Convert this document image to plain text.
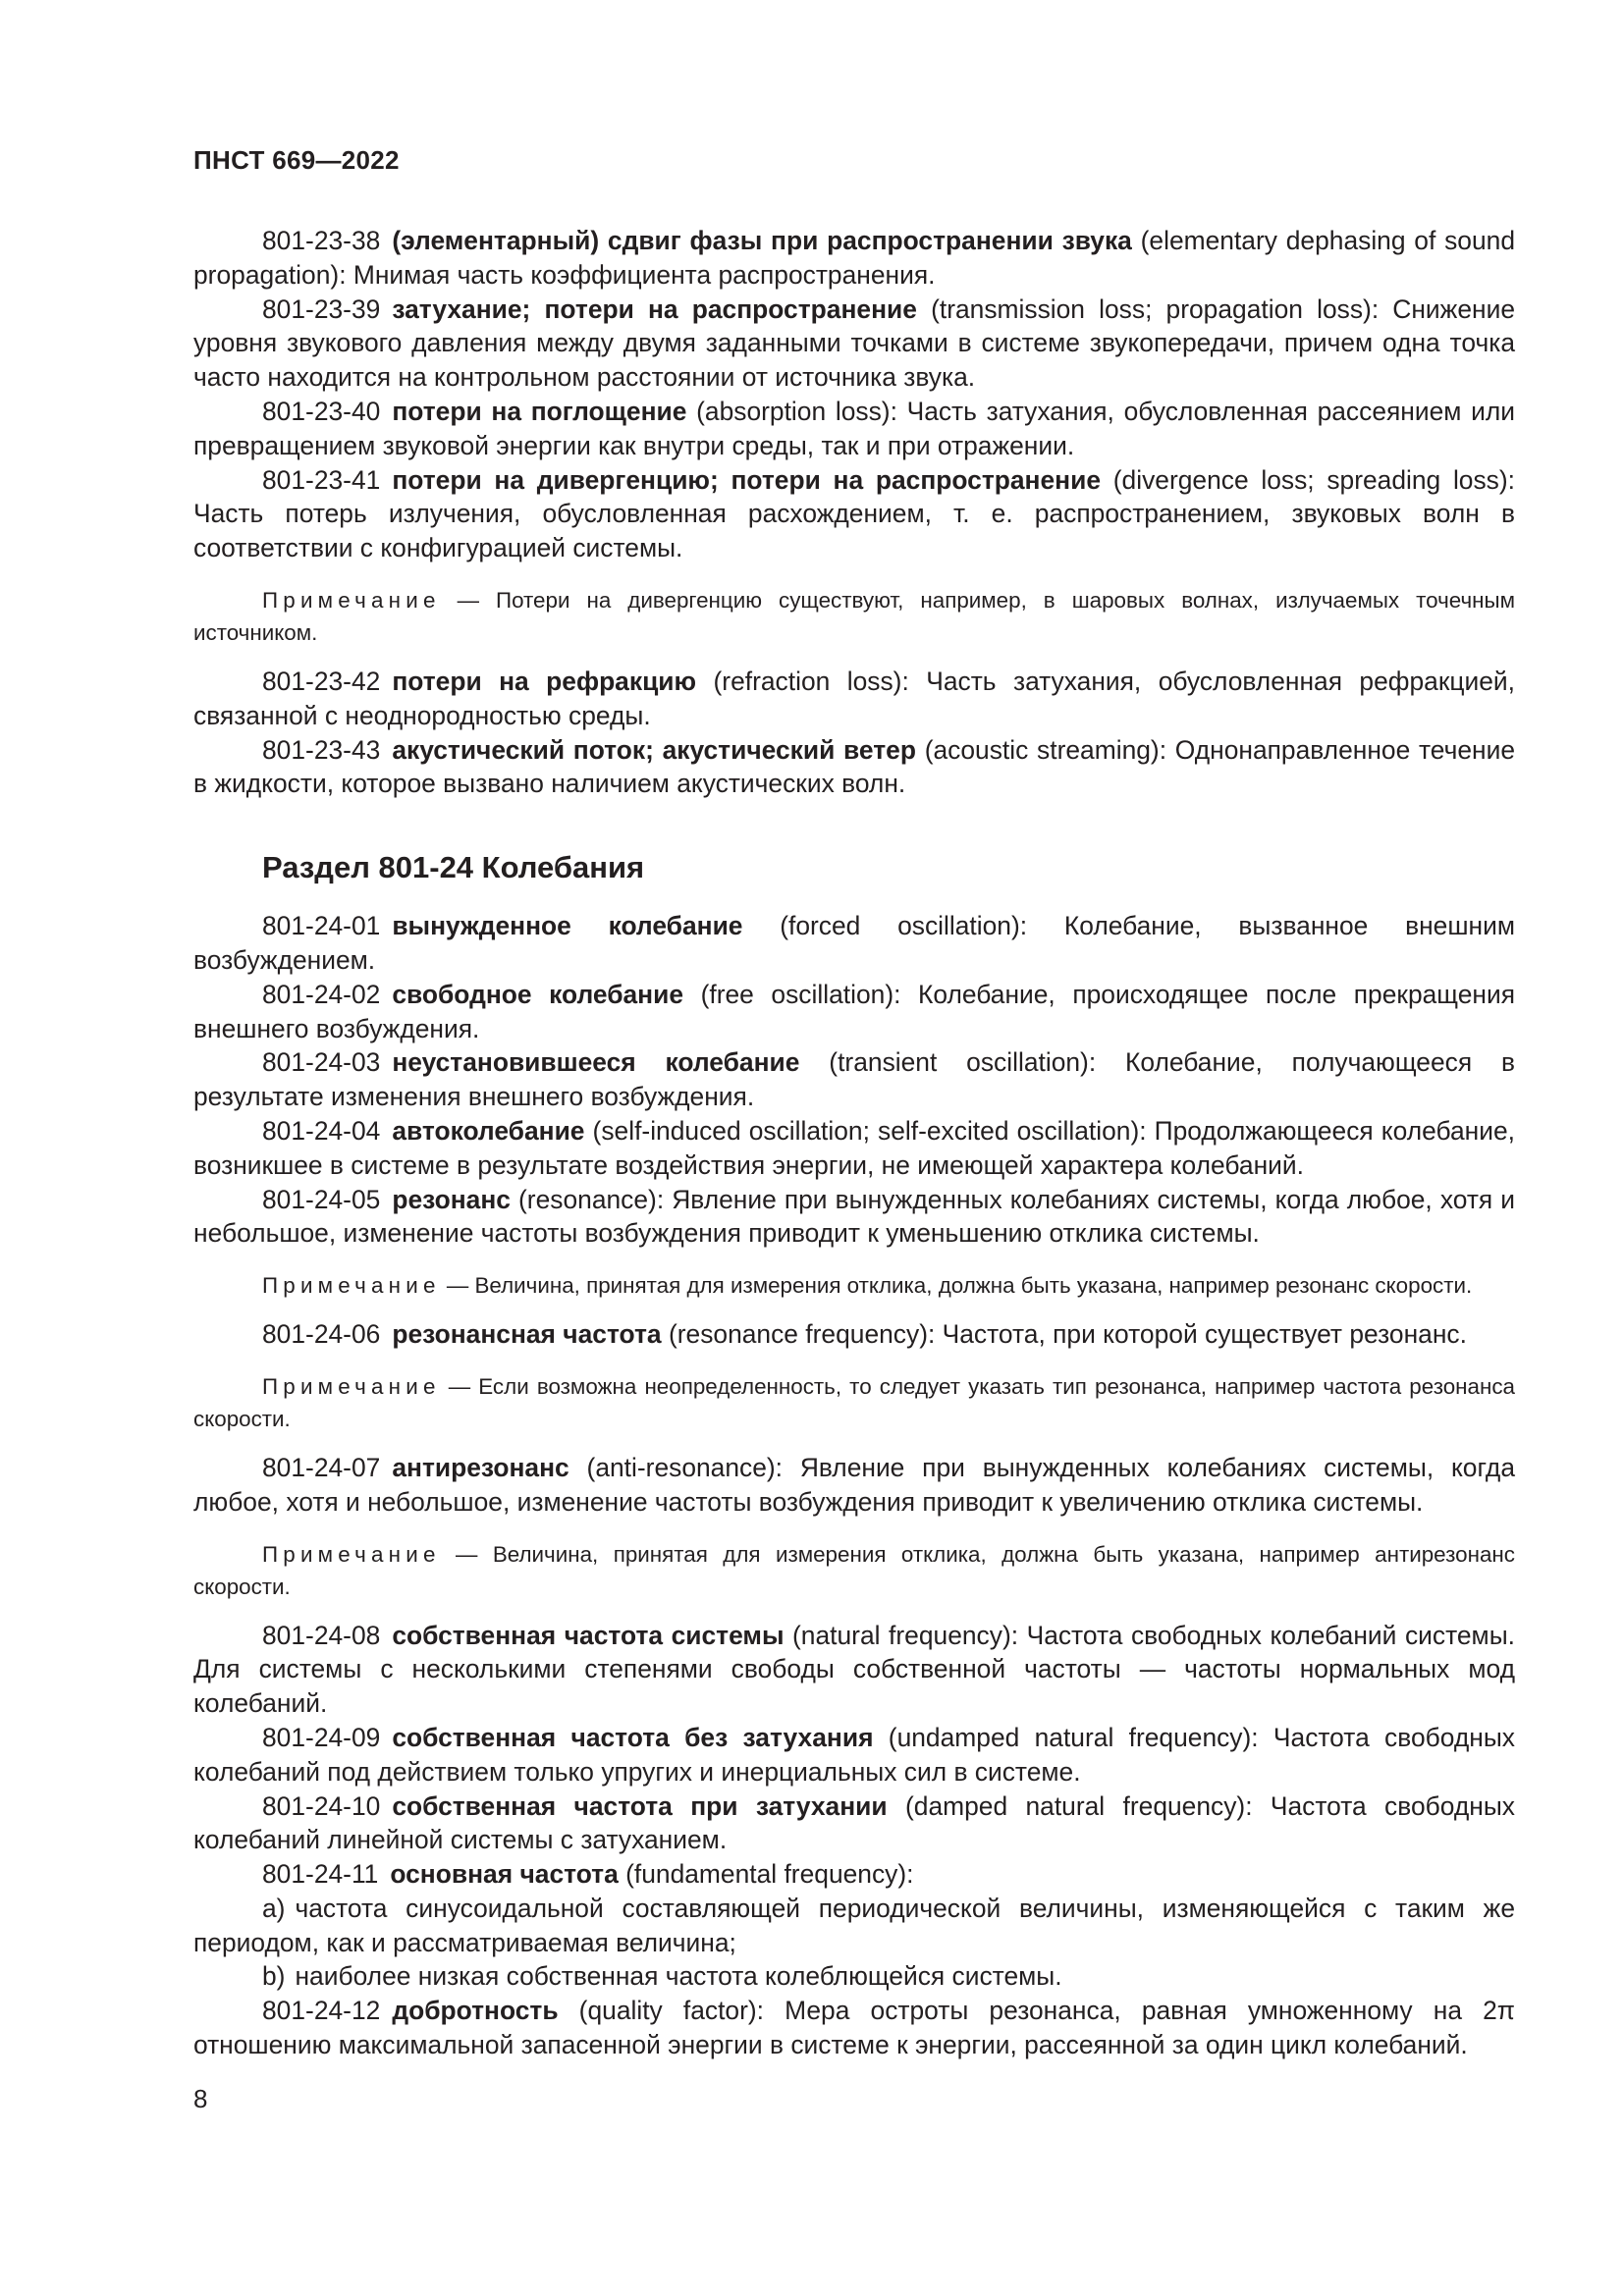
ПНСТ 669—2022

801-23-38 (элементарный) сдвиг фазы при распространении звука (elementary dephasing of sound propagation): Мнимая часть коэффициента распространения.

801-23-39 затухание; потери на распространение (transmission loss; propagation loss): Снижение уровня звукового давления между двумя заданными точками в системе звукопередачи, причем одна точка часто находится на контрольном расстоянии от источника звука.

801-23-40 потери на поглощение (absorption loss): Часть затухания, обусловленная рассеянием или превращением звуковой энергии как внутри среды, так и при отражении.

801-23-41 потери на дивергенцию; потери на распространение (divergence loss; spreading loss): Часть потерь излучения, обусловленная расхождением, т. е. распространением, звуковых волн в соответствии с конфигурацией системы.

Примечание — Потери на дивергенцию существуют, например, в шаровых волнах, излучаемых точечным источником.

801-23-42 потери на рефракцию (refraction loss): Часть затухания, обусловленная рефракцией, связанной с неоднородностью среды.

801-23-43 акустический поток; акустический ветер (acoustic streaming): Однонаправленное течение в жидкости, которое вызвано наличием акустических волн.

Раздел 801-24 Колебания

801-24-01 вынужденное колебание (forced oscillation): Колебание, вызванное внешним возбуждением.

801-24-02 свободное колебание (free oscillation): Колебание, происходящее после прекращения внешнего возбуждения.

801-24-03 неустановившееся колебание (transient oscillation): Колебание, получающееся в результате изменения внешнего возбуждения.

801-24-04 автоколебание (self-induced oscillation; self-excited oscillation): Продолжающееся колебание, возникшее в системе в результате воздействия энергии, не имеющей характера колебаний.

801-24-05 резонанс (resonance): Явление при вынужденных колебаниях системы, когда любое, хотя и небольшое, изменение частоты возбуждения приводит к уменьшению отклика системы.

Примечание — Величина, принятая для измерения отклика, должна быть указана, например резонанс скорости.

801-24-06 резонансная частота (resonance frequency): Частота, при которой существует резонанс.

Примечание — Если возможна неопределенность, то следует указать тип резонанса, например частота резонанса скорости.

801-24-07 антирезонанс (anti-resonance): Явление при вынужденных колебаниях системы, когда любое, хотя и небольшое, изменение частоты возбуждения приводит к увеличению отклика системы.

Примечание — Величина, принятая для измерения отклика, должна быть указана, например антирезонанс скорости.

801-24-08 собственная частота системы (natural frequency): Частота свободных колебаний системы. Для системы с несколькими степенями свободы собственной частоты — частоты нормальных мод колебаний.

801-24-09 собственная частота без затухания (undamped natural frequency): Частота свободных колебаний под действием только упругих и инерциальных сил в системе.

801-24-10 собственная частота при затухании (damped natural frequency): Частота свободных колебаний линейной системы с затуханием.

801-24-11 основная частота (fundamental frequency):

a) частота синусоидальной составляющей периодической величины, изменяющейся с таким же периодом, как и рассматриваемая величина;

b) наиболее низкая собственная частота колеблющейся системы.

801-24-12 добротность (quality factor): Мера остроты резонанса, равная умноженному на 2π отношению максимальной запасенной энергии в системе к энергии, рассеянной за один цикл колебаний.

8
